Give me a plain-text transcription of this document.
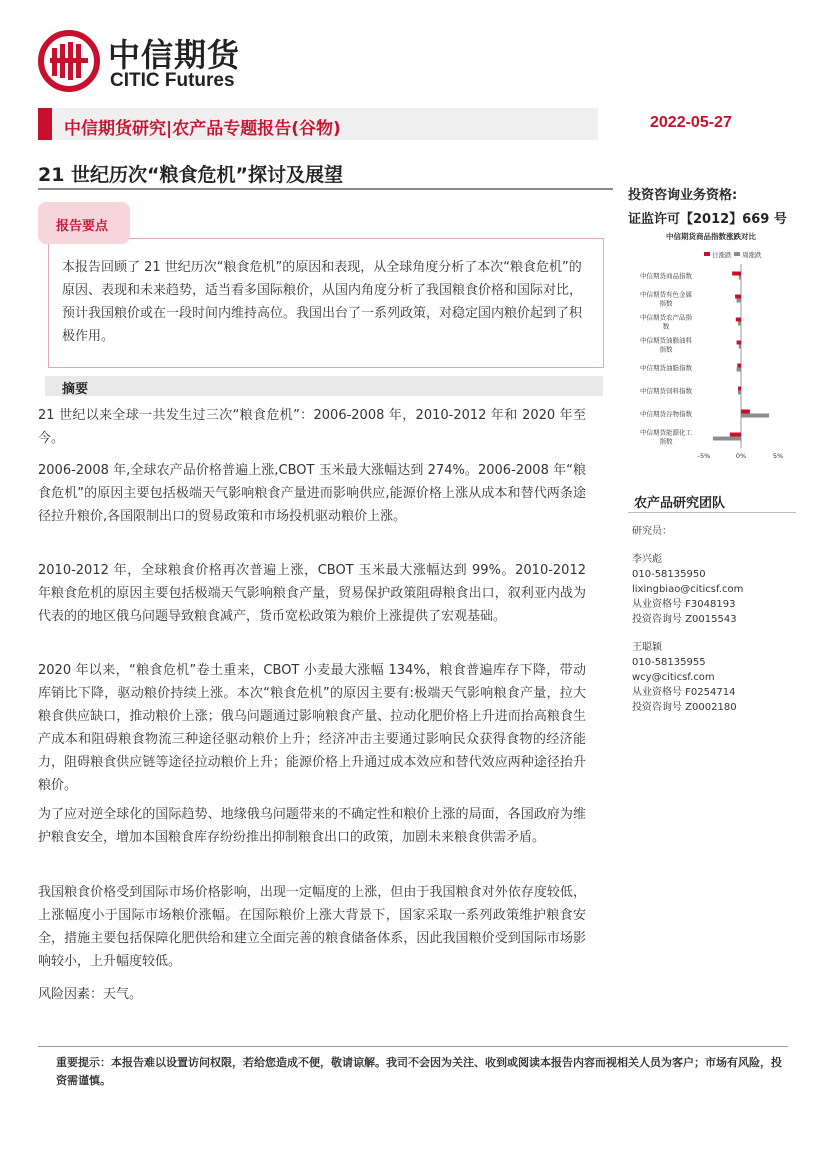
中信期货
CITIC Futures
中信期货研究|农产品专题报告(谷物)	2022-05-27
21 世纪历次“粮食危机”探讨及展望
投资咨询业务资格:
证监许可【2012】669 号
报告要点
本报告回顾了 21 世纪历次“粮食危机”的原因和表现，从全球角度分析了本次“粮食危机”的原因、表现和未来趋势，适当看多国际粮价，从国内角度分析了我国粮食价格和国际对比，预计我国粮价或在一段时间内维持高位。我国出台了一系列政策，对稳定国内粮价起到了积极作用。
摘要
21 世纪以来全球一共发生过三次“粮食危机”：2006-2008 年，2010-2012 年和 2020 年至今。
2006-2008 年,全球农产品价格普遍上涨,CBOT 玉米最大涨幅达到 274%。2006-2008 年“粮食危机”的原因主要包括极端天气影响粮食产量进而影响供应,能源价格上涨从成本和替代两条途径拉升粮价,各国限制出口的贸易政策和市场投机驱动粮价上涨。
2010-2012 年，全球粮食价格再次普遍上涨，CBOT 玉米最大涨幅达到 99%。2010-2012 年粮食危机的原因主要包括极端天气影响粮食产量，贸易保护政策阻碍粮食出口，叙利亚内战为代表的的地区俄乌问题导致粮食减产，货币宽松政策为粮价上涨提供了宏观基础。
2020 年以来，“粮食危机”卷土重来，CBOT 小麦最大涨幅 134%，粮食普遍库存下降，带动库销比下降，驱动粮价持续上涨。本次“粮食危机”的原因主要有:极端天气影响粮食产量，拉大粮食供应缺口，推动粮价上涨；俄乌问题通过影响粮食产量、拉动化肥价格上升进而抬高粮食生产成本和阻碍粮食物流三种途径驱动粮价上升；经济冲击主要通过影响民众获得食物的经济能力，阻碍粮食供应链等途径拉动粮价上升；能源价格上升通过成本效应和替代效应两种途径抬升粮价。
为了应对逆全球化的国际趋势、地缘俄乌问题带来的不确定性和粮价上涨的局面，各国政府为维护粮食安全，增加本国粮食库存纷纷推出抑制粮食出口的政策，加剧未来粮食供需矛盾。
我国粮食价格受到国际市场价格影响，出现一定幅度的上涨，但由于我国粮食对外依存度较低，上涨幅度小于国际市场粮价涨幅。在国际粮价上涨大背景下，国家采取一系列政策维护粮食安全，措施主要包括保障化肥供给和建立全面完善的粮食储备体系，因此我国粮价受到国际市场影响较小，上升幅度较低。
风险因素：天气。
中信期货商品指数涨跌对比
日涨跌 周涨跌
中信期货商品指数
中信期货有色金属
指数
中信期货农产品指
数
中信期货油脂油料
指数
中信期货油脂指数
中信期货饲料指数
中信期货谷物指数
中信期货能源化工
指数
-5%	0%	5%
农产品研究团队
研究员：
李兴彪
010-58135950
lixingbiao@citicsf.com
从业资格号 F3048193
投资咨询号 Z0015543
王聪颖
010-58135955
wcy@citicsf.com
从业资格号 F0254714
投资咨询号 Z0002180
重要提示：本报告难以设置访问权限，若给您造成不便，敬请谅解。我司不会因为关注、收到或阅读本报告内容而视相关人员为客户；市场有风险，投资需谨慎。
